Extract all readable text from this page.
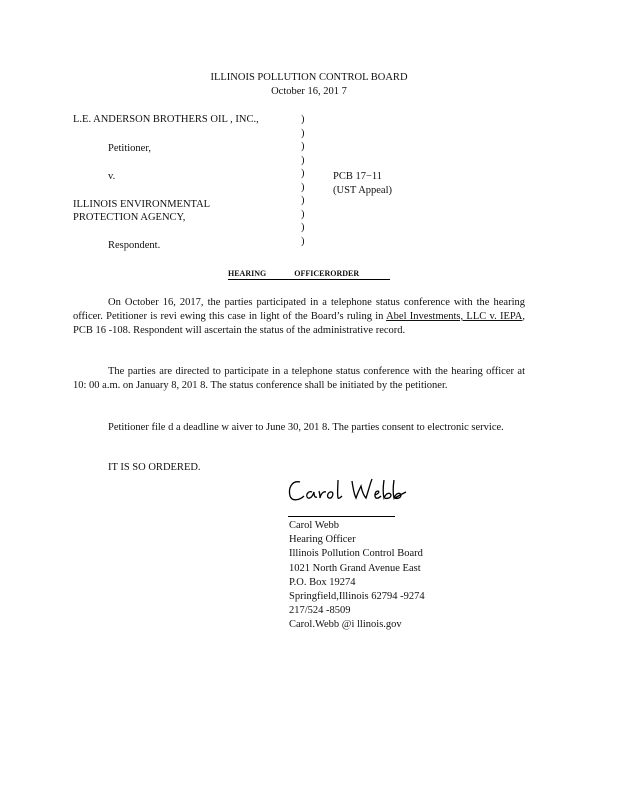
ILLINOIS POLLUTION CONTROL BOARD
October 16, 201 7
L.E. ANDERSON BROTHERS OIL , INC.,
Petitioner,
v.
ILLINOIS ENVIRONMENTAL
PROTECTION AGENCY,
Respondent.
)
)
)
)
)
)
)
)
)
)
PCB 17−11
(UST Appeal)
HEARING	OFFICERORDER
On October 16, 2017, the parties participated in a telephone status conference with the hearing officer. Petitioner is revi ewing this case in light of the Board’s ruling in Abel Investments, LLC v. IEPA, PCB 16 -108. Respondent will ascertain the status of the administrative record.
The parties are directed to participate in a telephone status conference with the hearing officer at 10: 00 a.m. on January 8, 201 8. The status conference shall be initiated by the petitioner.
Petitioner file d a deadline w aiver to June 30, 201 8. The parties consent to electronic service.
IT IS SO ORDERED.
Carol Webb
Hearing Officer
Illinois Pollution Control Board
1021 North Grand Avenue East
P.O. Box 19274
Springfield,Illinois 62794 -9274
217/524 -8509
Carol.Webb @i llinois.gov
